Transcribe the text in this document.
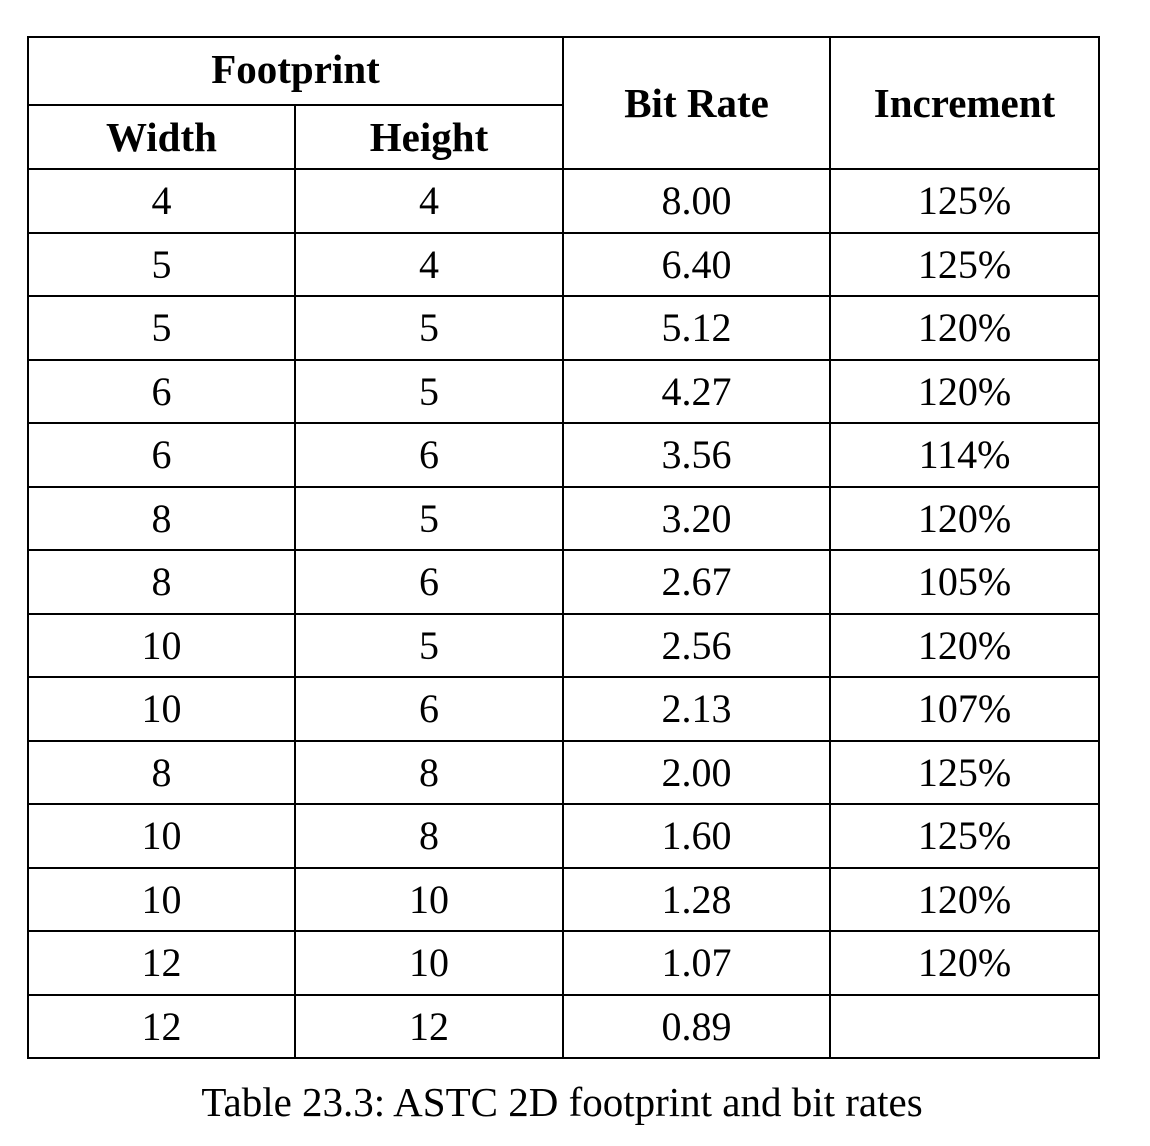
Footprint		Bit Rate	Increment
Width	Height		
4	4	8.00	125%
5	4	6.40	125%
5	5	5.12	120%
6	5	4.27	120%
6	6	3.56	114%
8	5	3.20	120%
8	6	2.67	105%
10	5	2.56	120%
10	6	2.13	107%
8	8	2.00	125%
10	8	1.60	125%
10	10	1.28	120%
12	10	1.07	120%
12	12	0.89	
Table 23.3: ASTC 2D footprint and bit rates
